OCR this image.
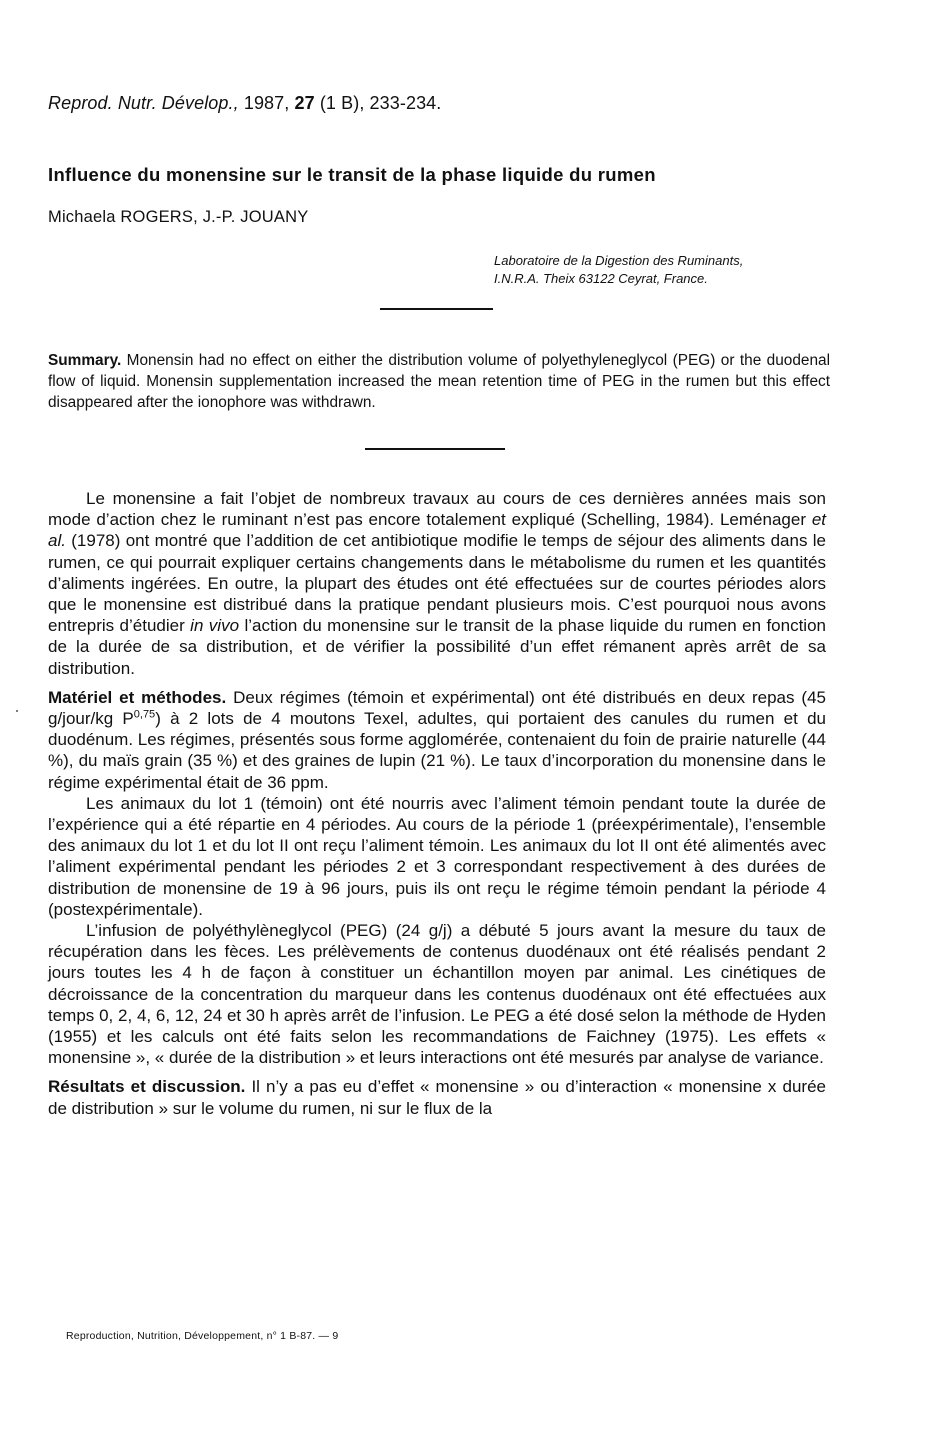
Reprod. Nutr. Dévelop., 1987, 27 (1 B), 233-234.
Influence du monensine sur le transit de la phase liquide du rumen
Michaela ROGERS, J.-P. JOUANY
Laboratoire de la Digestion des Ruminants,
I.N.R.A. Theix 63122 Ceyrat, France.
Summary. Monensin had no effect on either the distribution volume of polyethyleneglycol (PEG) or the duodenal flow of liquid. Monensin supplementation increased the mean retention time of PEG in the rumen but this effect disappeared after the ionophore was withdrawn.

Le monensine a fait l’objet de nombreux travaux au cours de ces dernières années mais son mode d’action chez le ruminant n’est pas encore totalement expliqué (Schelling, 1984). Leménager et al. (1978) ont montré que l’addition de cet antibiotique modifie le temps de séjour des aliments dans le rumen, ce qui pourrait expliquer certains changements dans le métabolisme du rumen et les quantités d’aliments ingérées. En outre, la plupart des études ont été effectuées sur de courtes périodes alors que le monensine est distribué dans la pratique pendant plusieurs mois. C’est pourquoi nous avons entrepris d’étudier in vivo l’action du monensine sur le transit de la phase liquide du rumen en fonction de la durée de sa distribution, et de vérifier la possibilité d’un effet rémanent après arrêt de sa distribution.

Matériel et méthodes. Deux régimes (témoin et expérimental) ont été distribués en deux repas (45 g/jour/kg P$^{0,75}$) à 2 lots de 4 moutons Texel, adultes, qui portaient des canules du rumen et du duodénum. Les régimes, présentés sous forme agglomérée, contenaient du foin de prairie naturelle (44 %), du maïs grain (35 %) et des graines de lupin (21 %). Le taux d’incorporation du monensine dans le régime expérimental était de 36 ppm.

Les animaux du lot 1 (témoin) ont été nourris avec l’aliment témoin pendant toute la durée de l’expérience qui a été répartie en 4 périodes. Au cours de la période 1 (préexpérimentale), l’ensemble des animaux du lot 1 et du lot II ont reçu l’aliment témoin. Les animaux du lot II ont été alimentés avec l’aliment expérimental pendant les périodes 2 et 3 correspondant respectivement à des durées de distribution de monensine de 19 à 96 jours, puis ils ont reçu le régime témoin pendant la période 4 (postexpérimentale).

L’infusion de polyéthylèneglycol (PEG) (24 g/j) a débuté 5 jours avant la mesure du taux de récupération dans les fèces. Les prélèvements de contenus duodénaux ont été réalisés pendant 2 jours toutes les 4 h de façon à constituer un échantillon moyen par animal. Les cinétiques de décroissance de la concentration du marqueur dans les contenus duodénaux ont été effectuées aux temps 0, 2, 4, 6, 12, 24 et 30 h après arrêt de l’infusion. Le PEG a été dosé selon la méthode de Hyden (1955) et les calculs ont été faits selon les recommandations de Faichney (1975). Les effets « monensine », « durée de la distribution » et leurs interactions ont été mesurés par analyse de variance.

Résultats et discussion. Il n’y a pas eu d’effet « monensine » ou d’interaction « monensine x durée de distribution » sur le volume du rumen, ni sur le flux de la

Reproduction, Nutrition, Développement, n° 1 B-87. — 9
